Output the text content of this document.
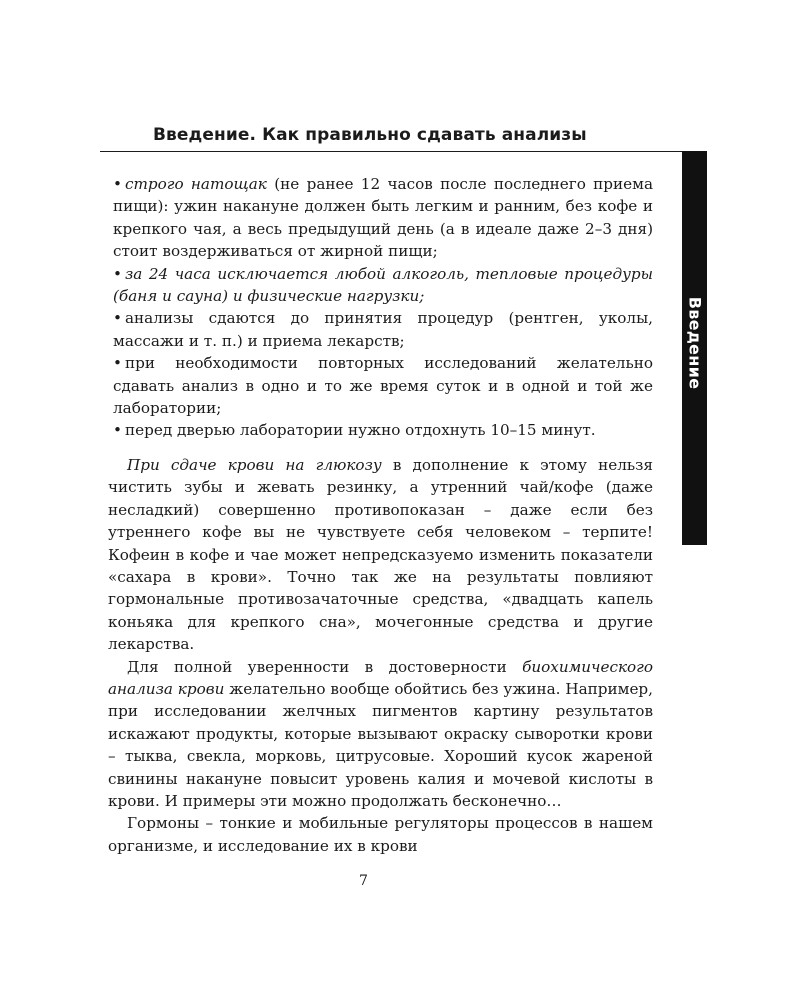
Введение. Как правильно сдавать анализы
Введение
• строго натощак (не ранее 12 часов после последнего приема пищи): ужин накануне должен быть легким и ранним, без кофе и крепкого чая, а весь предыдущий день (а в идеале даже 2–3 дня) стоит воздерживаться от жирной пищи;
• за 24 часа исключается любой алкоголь, тепловые процедуры (баня и сауна) и физические нагрузки;
• анализы сдаются до принятия процедур (рентген, уколы, массажи и т. п.) и приема лекарств;
• при необходимости повторных исследований желательно сдавать анализ в одно и то же время суток и в одной и той же лаборатории;
• перед дверью лаборатории нужно отдохнуть 10–15 минут.

При сдаче крови на глюкозу в дополнение к этому нельзя чистить зубы и жевать резинку, а утренний чай/кофе (даже несладкий) совершенно противопоказан – даже если без утреннего кофе вы не чувствуете себя человеком – терпите! Кофеин в кофе и чае может непредсказуемо изменить показатели «сахара в крови». Точно так же на результаты повлияют гормональные противозачаточные средства, «двадцать капель коньяка для крепкого сна», мочегонные средства и другие лекарства.

Для полной уверенности в достоверности биохимического анализа крови желательно вообще обойтись без ужина. Например, при исследовании желчных пигментов картину результатов искажают продукты, которые вызывают окраску сыворотки крови – тыква, свекла, морковь, цитрусовые. Хороший кусок жареной свинины накануне повысит уровень калия и мочевой кислоты в крови. И примеры эти можно продолжать бесконечно…

Гормоны – тонкие и мобильные регуляторы процессов в нашем организме, и исследование их в крови

7
